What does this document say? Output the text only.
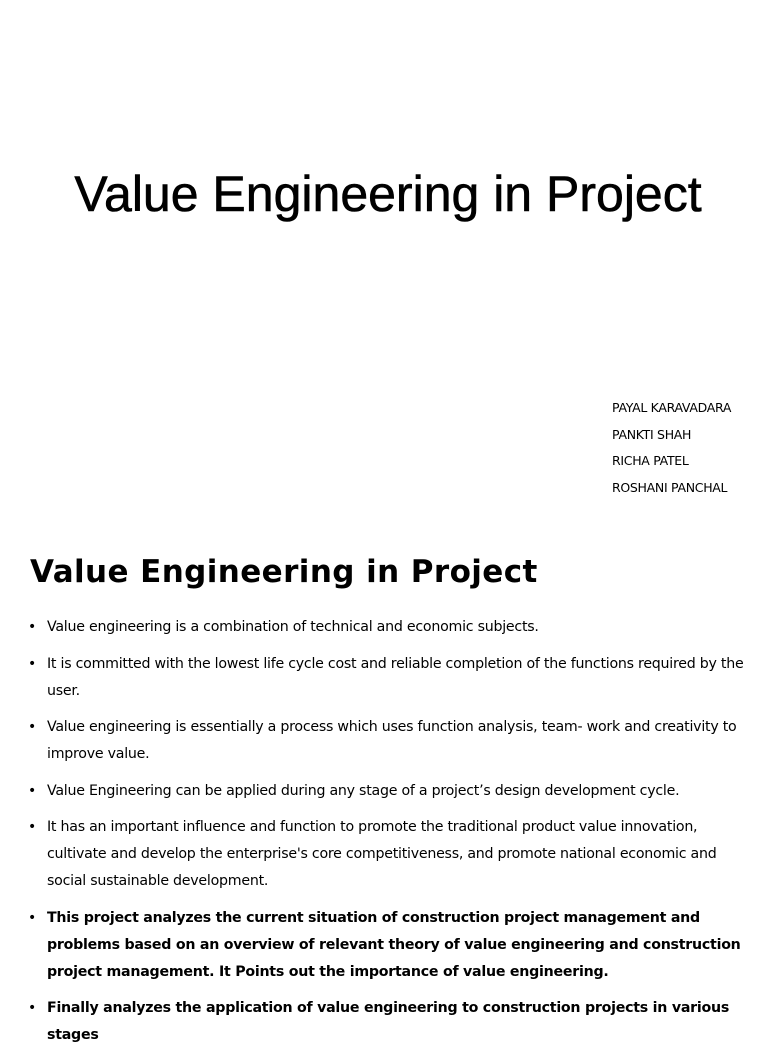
Value Engineering in Project
PAYAL KARAVADARA
PANKTI SHAH
RICHA PATEL
ROSHANI PANCHAL
Value Engineering in Project
• Value engineering is a combination of technical and economic subjects.
• It is committed with the lowest life cycle cost and reliable completion of the functions required by the user.
• Value engineering is essentially a process which uses function analysis, team- work and creativity to improve value.
• Value Engineering can be applied during any stage of a project’s design development cycle.
• It has an important influence and function to promote the traditional product value innovation, cultivate and develop the enterprise's core competitiveness, and promote national economic and social sustainable development.
• This project analyzes the current situation of construction project management and problems based on an overview of relevant theory of value engineering and construction project management. It Points out the importance of value engineering.
• Finally analyzes the application of value engineering to construction projects in various stages
